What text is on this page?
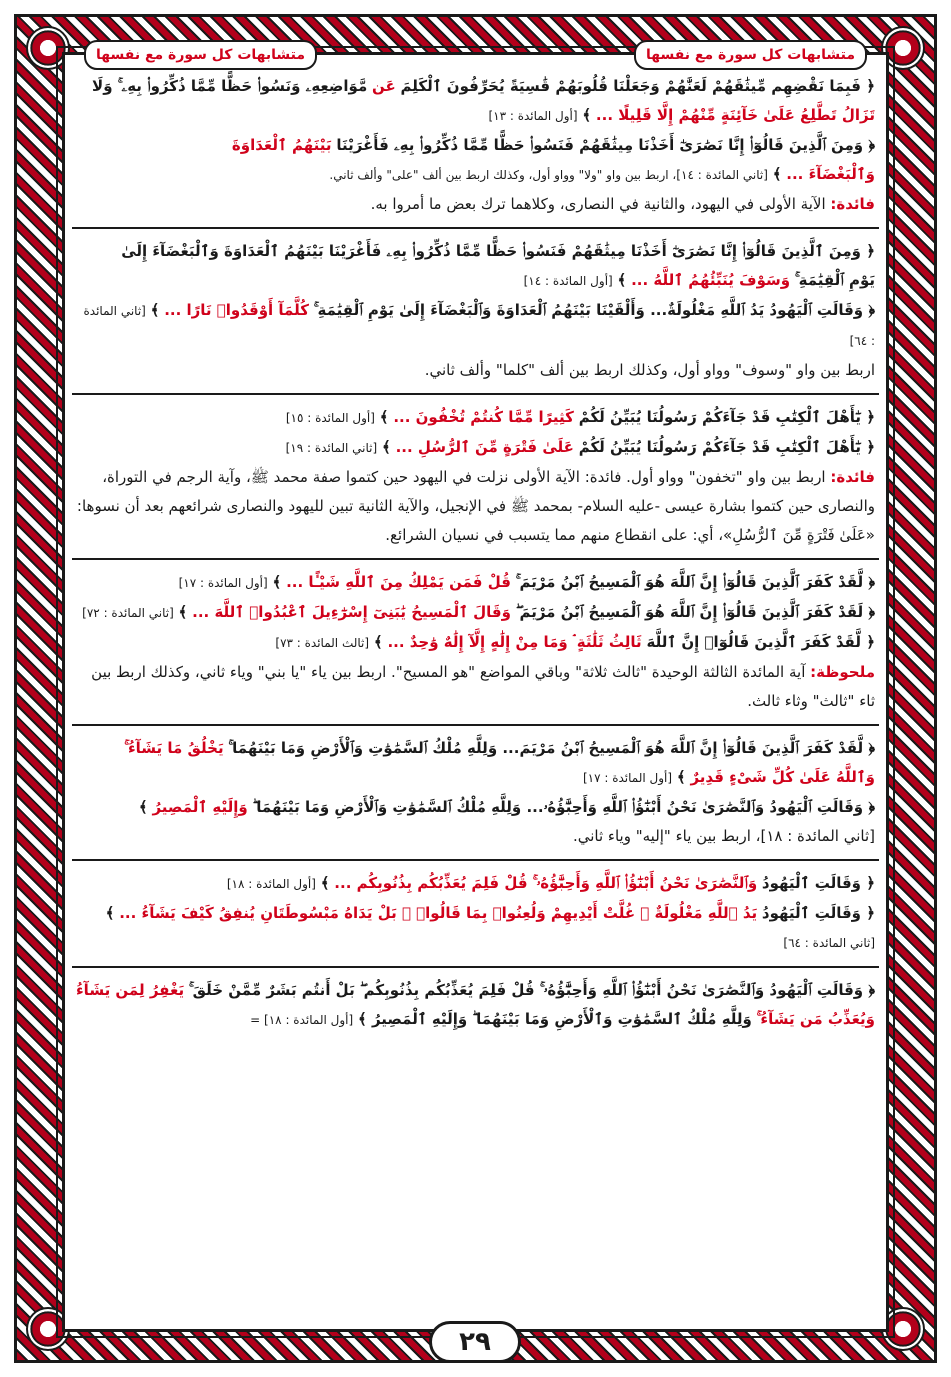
متشابهات كل سورة مع نفسها	متشابهات كل سورة مع نفسها
﴿ فَبِمَا نَقْضِهِم مِّيثَٰقَهُمْ لَعَنَّٰهُمْ وَجَعَلْنَا قُلُوبَهُمْ قَٰسِيَةً يُحَرِّفُونَ ٱلْكَلِمَ عَن مَّوَاضِعِهِۦ وَنَسُوا۟ حَظًّا مِّمَّا ذُكِّرُوا۟ بِهِۦ ۚ وَلَا
تَزَالُ تَطَّلِعُ عَلَىٰ خَآئِنَةٍ مِّنْهُمْ إِلَّا قَلِيلًا ... ﴾ [أول المائدة : ١٣]
﴿ وَمِنَ ٱلَّذِينَ قَالُوٓا۟ إِنَّا نَصَٰرَىٰٓ أَخَذْنَا مِيثَٰقَهُمْ فَنَسُوا۟ حَظًّا مِّمَّا ذُكِّرُوا۟ بِهِۦ فَأَغْرَيْنَا بَيْنَهُمُ ٱلْعَدَاوَةَ
وَٱلْبَغْضَآءَ ... ﴾ [ثاني المائدة : ١٤]، اربط بين واو "ولا" وواو أول، وكذلك اربط بين ألف "على" وألف ثاني.
فائدة: الآية الأولى في اليهود، والثانية في النصارى، وكلاهما ترك بعض ما أمروا به.
﴿ وَمِنَ ٱلَّذِينَ قَالُوٓا۟ إِنَّا نَصَٰرَىٰٓ أَخَذْنَا مِيثَٰقَهُمْ فَنَسُوا۟ حَظًّا مِّمَّا ذُكِّرُوا۟ بِهِۦ فَأَغْرَيْنَا بَيْنَهُمُ ٱلْعَدَاوَةَ وَٱلْبَغْضَآءَ إِلَىٰ
يَوْمِ ٱلْقِيَٰمَةِ ۚ وَسَوْفَ يُنَبِّئُهُمُ ٱللَّهُ ... ﴾ [أول المائدة : ١٤]
﴿ وَقَالَتِ ٱلْيَهُودُ يَدُ ٱللَّهِ مَغْلُولَةٌ... وَأَلْقَيْنَا بَيْنَهُمُ ٱلْعَدَاوَةَ وَٱلْبَغْضَآءَ إِلَىٰ يَوْمِ ٱلْقِيَٰمَةِ ۚ كُلَّمَآ أَوْقَدُوا۟ نَارًا ... ﴾ [ثاني المائدة : ٦٤]
اربط بين واو "وسوف" وواو أول، وكذلك اربط بين ألف "كلما" وألف ثاني.
﴿ يَٰٓأَهْلَ ٱلْكِتَٰبِ قَدْ جَآءَكُمْ رَسُولُنَا يُبَيِّنُ لَكُمْ كَثِيرًا مِّمَّا كُنتُمْ تُخْفُونَ ... ﴾ [أول المائدة : ١٥]
﴿ يَٰٓأَهْلَ ٱلْكِتَٰبِ قَدْ جَآءَكُمْ رَسُولُنَا يُبَيِّنُ لَكُمْ عَلَىٰ فَتْرَةٍ مِّنَ ٱلرُّسُلِ ... ﴾ [ثاني المائدة : ١٩]
فائدة: اربط بين واو "تخفون" وواو أول. فائدة: الآية الأولى نزلت في اليهود حين كتموا صفة محمد ﷺ، وآية الرجم في التوراة، والنصارى حين كتموا بشارة عيسى -عليه السلام- بمحمد ﷺ في الإنجيل، والآية الثانية تبين لليهود والنصارى شرائعهم بعد أن نسوها: «عَلَىٰ فَتْرَةٍ مِّنَ ٱلرُّسُلِ»، أي: على انقطاع منهم مما يتسبب في نسيان الشرائع.
﴿ لَّقَدْ كَفَرَ ٱلَّذِينَ قَالُوٓا۟ إِنَّ ٱللَّهَ هُوَ ٱلْمَسِيحُ ٱبْنُ مَرْيَمَ ۚ قُلْ فَمَن يَمْلِكُ مِنَ ٱللَّهِ شَيْـًٔا ... ﴾ [أول المائدة : ١٧]
﴿ لَقَدْ كَفَرَ ٱلَّذِينَ قَالُوٓا۟ إِنَّ ٱللَّهَ هُوَ ٱلْمَسِيحُ ٱبْنُ مَرْيَمَ ۖ وَقَالَ ٱلْمَسِيحُ يَٰبَنِىٓ إِسْرَٰٓءِيلَ ٱعْبُدُوا۟ ٱللَّهَ ... ﴾ [ثاني المائدة : ٧٢]
﴿ لَّقَدْ كَفَرَ ٱلَّذِينَ قَالُوٓا۟ إِنَّ ٱللَّهَ ثَالِثُ ثَلَٰثَةٍ ۘ وَمَا مِنْ إِلَٰهٍ إِلَّآ إِلَٰهٌ وَٰحِدٌ ... ﴾ [ثالث المائدة : ٧٣]
ملحوظة: آية المائدة الثالثة الوحيدة "ثالث ثلاثة" وباقي المواضع "هو المسيح". اربط بين ياء "يا بني" وياء ثاني، وكذلك اربط بين ثاء "ثالث" وثاء ثالث.
﴿ لَّقَدْ كَفَرَ ٱلَّذِينَ قَالُوٓا۟ إِنَّ ٱللَّهَ هُوَ ٱلْمَسِيحُ ٱبْنُ مَرْيَمَ... وَلِلَّهِ مُلْكُ ٱلسَّمَٰوَٰتِ وَٱلْأَرْضِ وَمَا بَيْنَهُمَا ۚ يَخْلُقُ مَا يَشَآءُ ۚ
وَٱللَّهُ عَلَىٰ كُلِّ شَىْءٍ قَدِيرٌ ﴾ [أول المائدة : ١٧]
﴿ وَقَالَتِ ٱلْيَهُودُ وَٱلنَّصَٰرَىٰ نَحْنُ أَبْنَٰٓؤُا۟ ٱللَّهِ وَأَحِبَّٰٓؤُهُۥ... وَلِلَّهِ مُلْكُ ٱلسَّمَٰوَٰتِ وَٱلْأَرْضِ وَمَا بَيْنَهُمَا ۖ وَإِلَيْهِ ٱلْمَصِيرُ ﴾
[ثاني المائدة : ١٨]، اربط بين ياء "إليه" وياء ثاني.
﴿ وَقَالَتِ ٱلْيَهُودُ وَٱلنَّصَٰرَىٰ نَحْنُ أَبْنَٰٓؤُا۟ ٱللَّهِ وَأَحِبَّٰٓؤُهُۥ ۚ قُلْ فَلِمَ يُعَذِّبُكُم بِذُنُوبِكُم ... ﴾ [أول المائدة : ١٨]
﴿ وَقَالَتِ ٱلْيَهُودُ يَدُ ٱللَّهِ مَغْلُولَةٌ ۚ غُلَّتْ أَيْدِيهِمْ وَلُعِنُوا۟ بِمَا قَالُوا۟ ۘ بَلْ يَدَاهُ مَبْسُوطَتَانِ يُنفِقُ كَيْفَ يَشَآءُ ... ﴾ [ثاني المائدة : ٦٤]
﴿ وَقَالَتِ ٱلْيَهُودُ وَٱلنَّصَٰرَىٰ نَحْنُ أَبْنَٰٓؤُا۟ ٱللَّهِ وَأَحِبَّٰٓؤُهُۥ ۚ قُلْ فَلِمَ يُعَذِّبُكُم بِذُنُوبِكُم ۖ بَلْ أَنتُم بَشَرٌ مِّمَّنْ خَلَقَ ۚ يَغْفِرُ لِمَن يَشَآءُ
وَيُعَذِّبُ مَن يَشَآءُ ۚ وَلِلَّهِ مُلْكُ ٱلسَّمَٰوَٰتِ وَٱلْأَرْضِ وَمَا بَيْنَهُمَا ۖ وَإِلَيْهِ ٱلْمَصِيرُ ﴾ [أول المائدة : ١٨] =
٢٩
